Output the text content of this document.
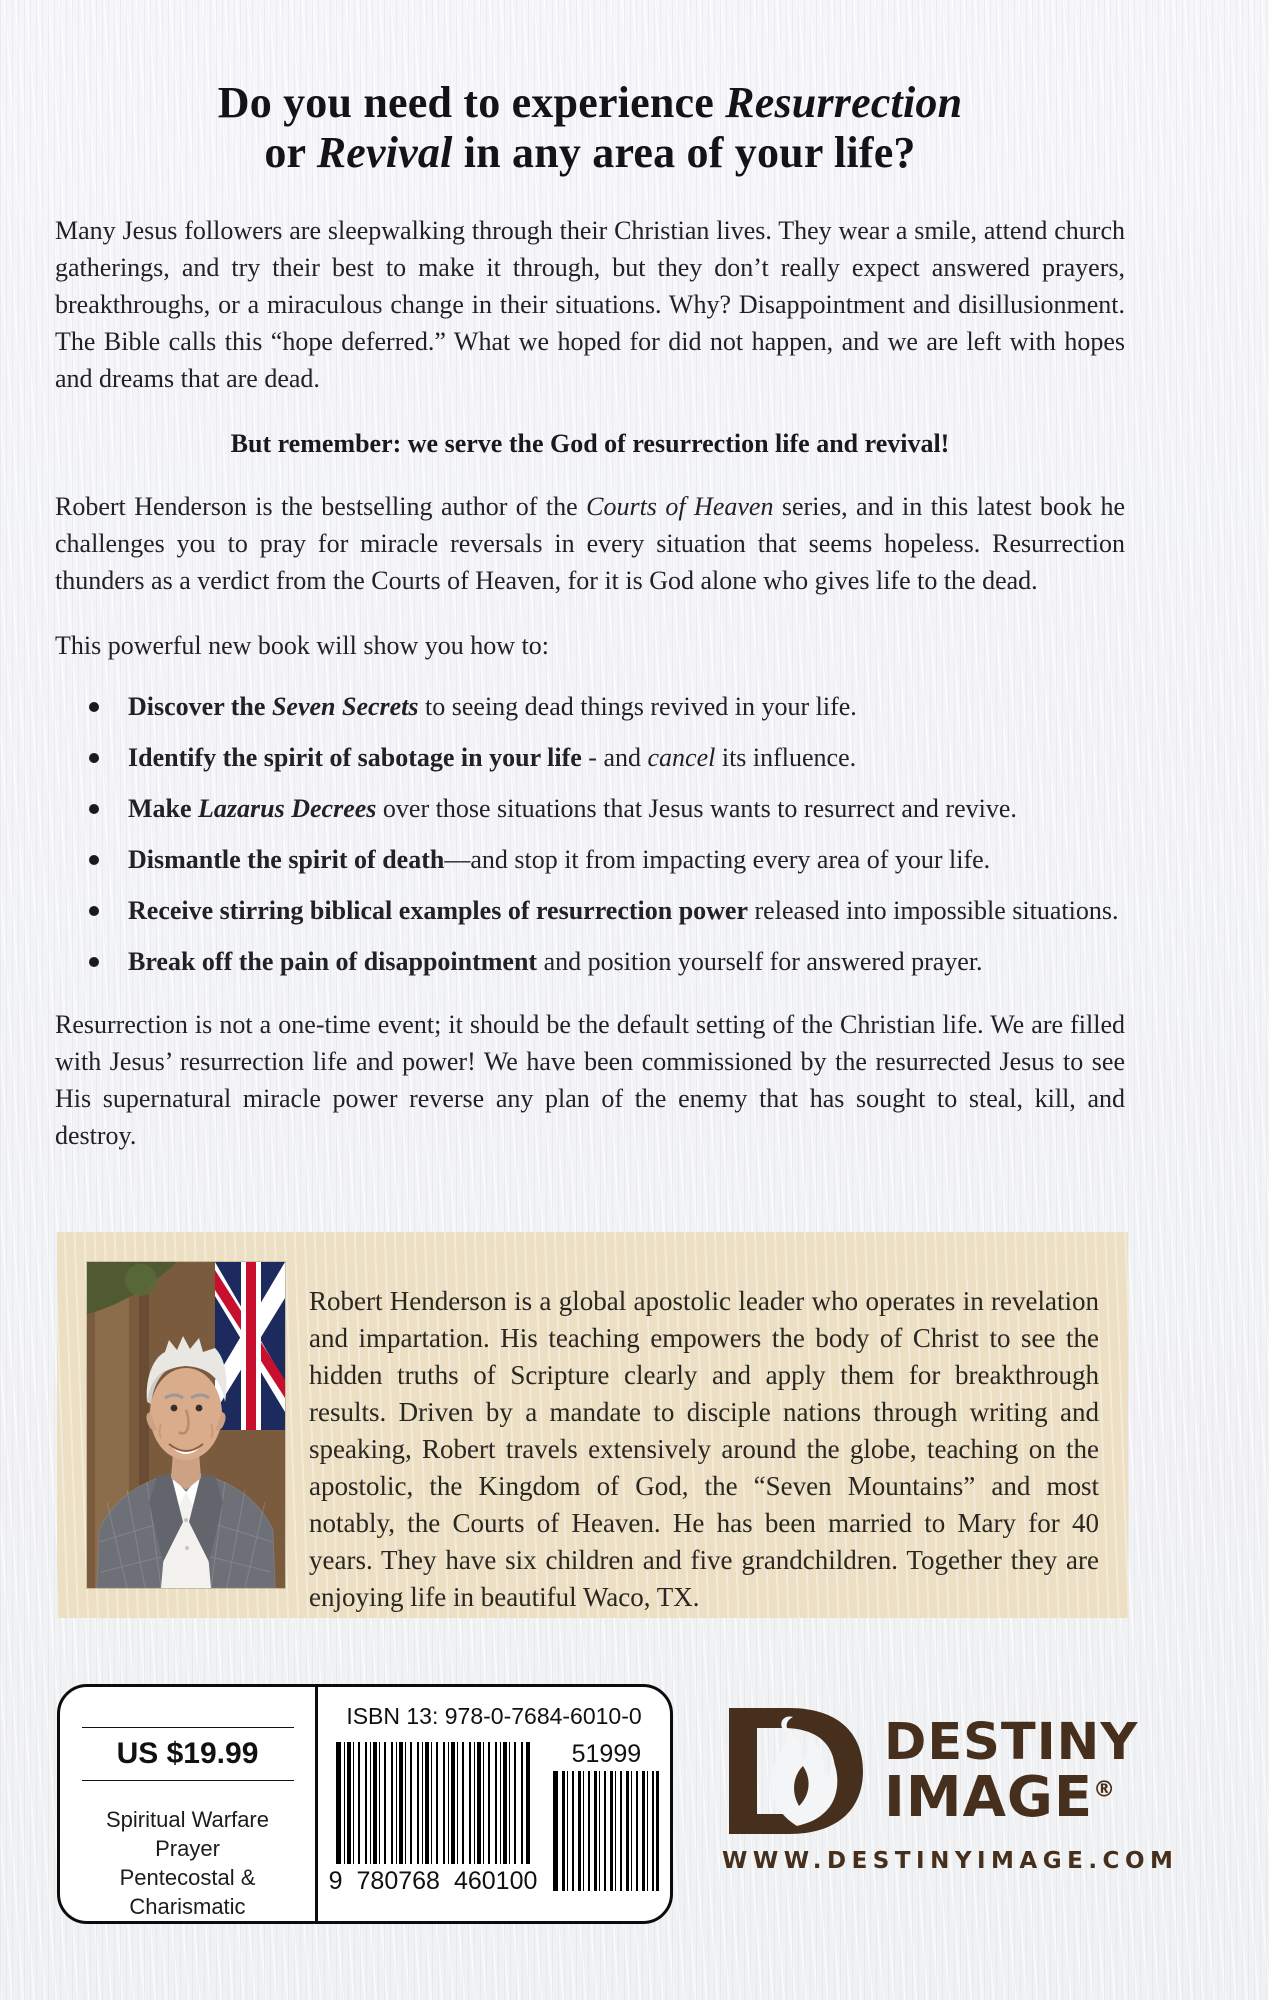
Do you need to experience Resurrection
or Revival in any area of your life?

Many Jesus followers are sleepwalking through their Christian lives. They wear a smile, attend church gatherings, and try their best to make it through, but they don’t really expect answered prayers, breakthroughs, or a miraculous change in their situations. Why? Disappointment and disillusionment. The Bible calls this “hope deferred.” What we hoped for did not happen, and we are left with hopes and dreams that are dead.

But remember: we serve the God of resurrection life and revival!

Robert Henderson is the bestselling author of the Courts of Heaven series, and in this latest book he challenges you to pray for miracle reversals in every situation that seems hopeless. Resurrection thunders as a verdict from the Courts of Heaven, for it is God alone who gives life to the dead.

This powerful new book will show you how to:

Discover the Seven Secrets to seeing dead things revived in your life.
Identify the spirit of sabotage in your life - and cancel its influence.
Make Lazarus Decrees over those situations that Jesus wants to resurrect and revive.
Dismantle the spirit of death—and stop it from impacting every area of your life.
Receive stirring biblical examples of resurrection power released into impossible situations.
Break off the pain of disappointment and position yourself for answered prayer.

Resurrection is not a one-time event; it should be the default setting of the Christian life. We are filled with Jesus’ resurrection life and power! We have been commissioned by the resurrected Jesus to see His supernatural miracle power reverse any plan of the enemy that has sought to steal, kill, and destroy.

Robert Henderson is a global apostolic leader who operates in revelation and impartation. His teaching empowers the body of Christ to see the hidden truths of Scripture clearly and apply them for breakthrough results. Driven by a mandate to disciple nations through writing and speaking, Robert travels extensively around the globe, teaching on the apostolic, the Kingdom of God, the “Seven Mountains” and most notably, the Courts of Heaven. He has been married to Mary for 40 years. They have six children and five grandchildren. Together they are enjoying life in beautiful Waco, TX.

US $19.99
Spiritual Warfare
Prayer
Pentecostal & Charismatic
ISBN 13: 978-0-7684-6010-0
9 780768 460100
51999	DESTINY
IMAGE®
WWW.DESTINYIMAGE.COM
